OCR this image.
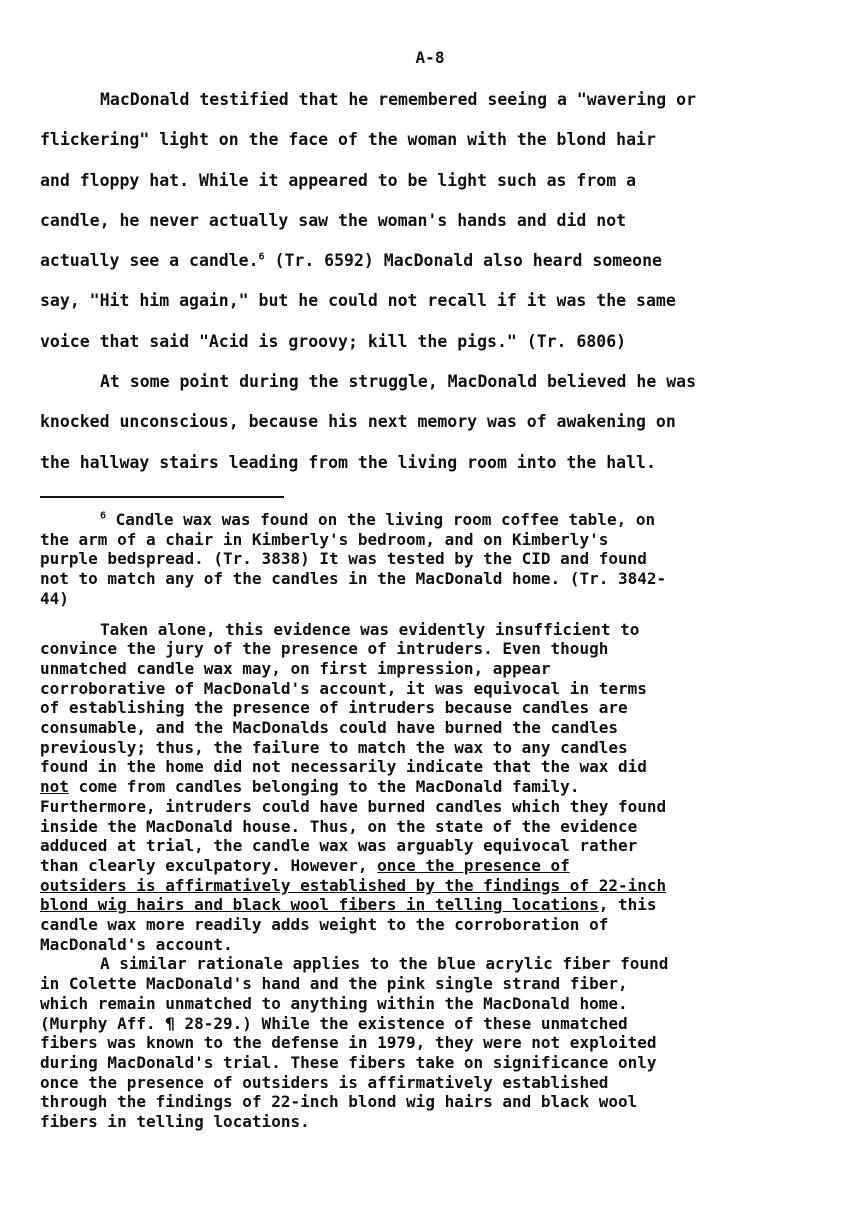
A-8

MacDonald testified that he remembered seeing a "wavering or

flickering" light on the face of the woman with the blond hair

and floppy hat. While it appeared to be light such as from a

candle, he never actually saw the woman's hands and did not

actually see a candle.$^6$ (Tr. 6592) MacDonald also heard someone

say, "Hit him again," but he could not recall if it was the same

voice that said "Acid is groovy; kill the pigs." (Tr. 6806)

At some point during the struggle, MacDonald believed he was

knocked unconscious, because his next memory was of awakening on

the hallway stairs leading from the living room into the hall.

$^6$ Candle wax was found on the living room coffee table, on

the arm of a chair in Kimberly's bedroom, and on Kimberly's

purple bedspread. (Tr. 3838) It was tested by the CID and found

not to match any of the candles in the MacDonald home. (Tr. 3842-

44)

Taken alone, this evidence was evidently insufficient to

convince the jury of the presence of intruders. Even though

unmatched candle wax may, on first impression, appear

corroborative of MacDonald's account, it was equivocal in terms

of establishing the presence of intruders because candles are

consumable, and the MacDonalds could have burned the candles

previously; thus, the failure to match the wax to any candles

found in the home did not necessarily indicate that the wax did

not come from candles belonging to the MacDonald family.

Furthermore, intruders could have burned candles which they found

inside the MacDonald house. Thus, on the state of the evidence

adduced at trial, the candle wax was arguably equivocal rather

than clearly exculpatory. However, once the presence of

outsiders is affirmatively established by the findings of 22-inch

blond wig hairs and black wool fibers in telling locations, this

candle wax more readily adds weight to the corroboration of

MacDonald's account.

A similar rationale applies to the blue acrylic fiber found

in Colette MacDonald's hand and the pink single strand fiber,

which remain unmatched to anything within the MacDonald home.

(Murphy Aff. ¶ 28-29.) While the existence of these unmatched

fibers was known to the defense in 1979, they were not exploited

during MacDonald's trial. These fibers take on significance only

once the presence of outsiders is affirmatively established

through the findings of 22-inch blond wig hairs and black wool

fibers in telling locations.
